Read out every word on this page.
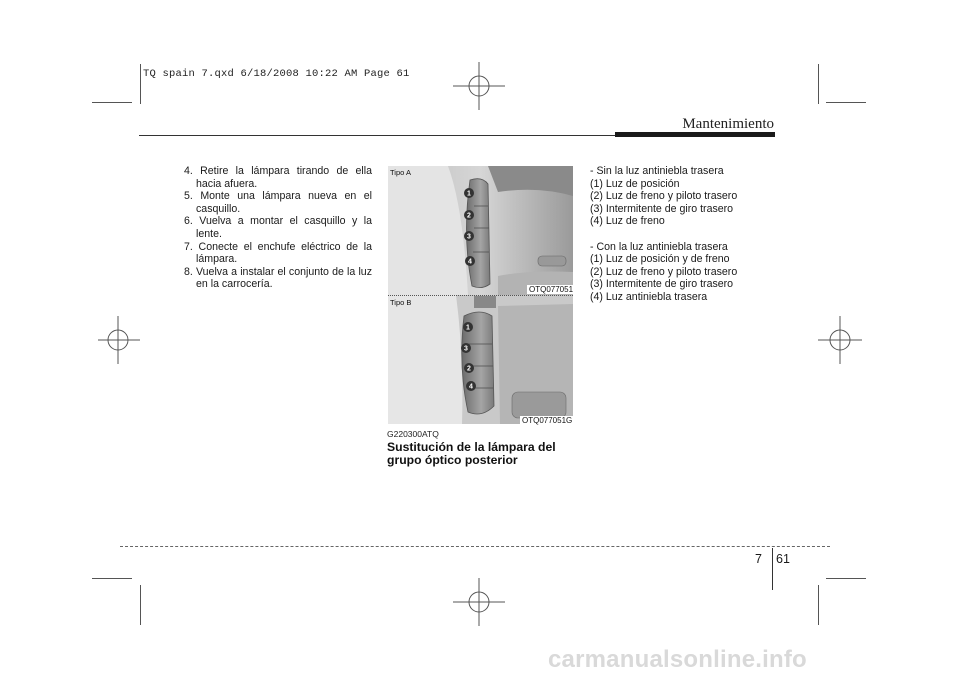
TQ spain 7.qxd 6/18/2008 10:22 AM Page 61
Mantenimiento
4. Retire la lámpara tirando de ella hacia afuera.
5. Monte una lámpara nueva en el casquillo.
6. Vuelva a montar el casquillo y la lente.
7. Conecte el enchufe eléctrico de la lámpara.
8. Vuelva a instalar el conjunto de la luz en la carrocería.
1
2
3
4
1
3
2
4
Tipo A
OTQ077051
Tipo B
OTQ077051G
G220300ATQ
Sustitución de la lámpara del grupo óptico posterior
- Sin la luz antiniebla trasera
(1) Luz de posición
(2) Luz de freno y piloto trasero
(3) Intermitente de giro trasero
(4) Luz de freno
- Con la luz antiniebla trasera
(1) Luz de posición y de freno
(2) Luz de freno y piloto trasero
(3) Intermitente de giro trasero
(4) Luz antiniebla trasera
7 61
carmanualsonline.info
